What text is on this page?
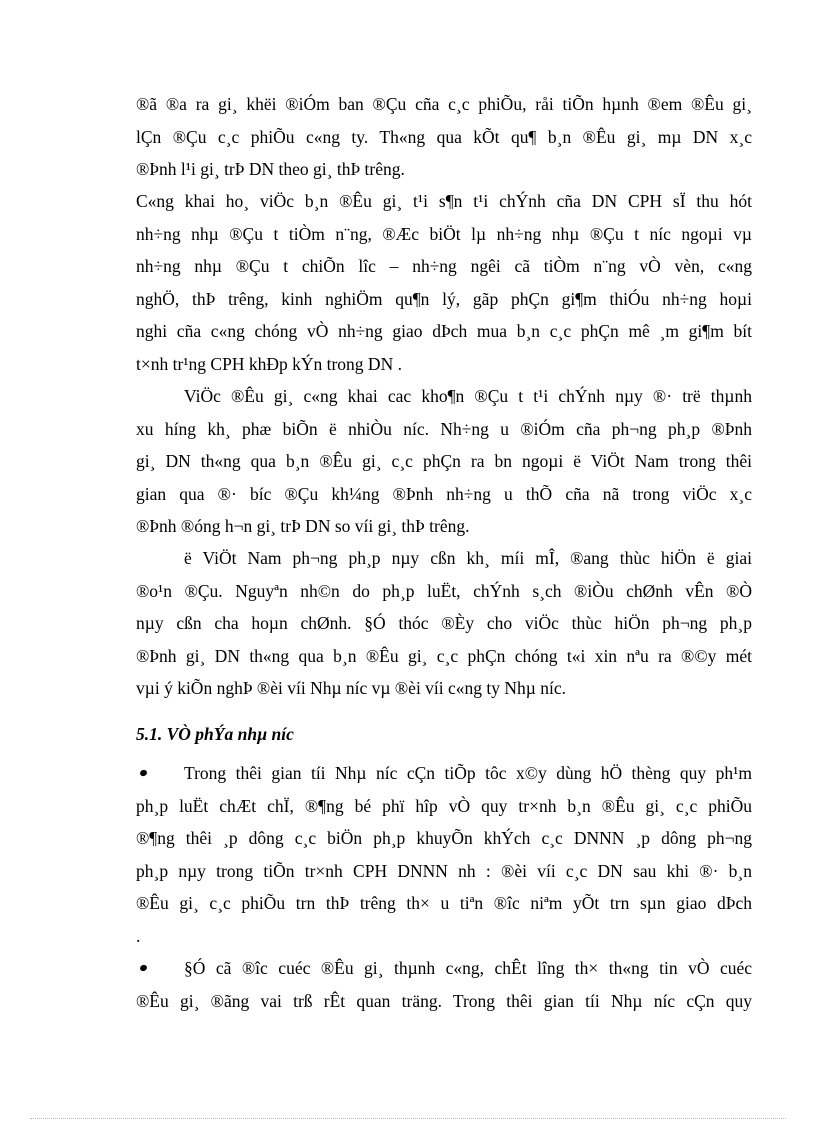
®ã ®a ra gi¸ khëi ®iÓm ban ®Çu cña c¸c phiÕu, råi tiÕn hµnh ®em ®Êu gi¸
lÇn ®Çu c¸c phiÕu c«ng ty. Th«ng qua kÕt qu¶ b¸n ®Êu gi¸ mµ DN x¸c
®Þnh l¹i gi¸ trÞ DN theo gi¸ thÞ trêng.

C«ng khai ho¸ viÖc b¸n ®Êu gi¸ t¹i s¶n t¹i chÝnh cña DN CPH sÏ thu hót
nh÷ng nhµ ®Çu t tiÒm n¨ng, ®Æc biÖt lµ nh÷ng nhµ ®Çu t níc ngoµi vµ
nh÷ng nhµ ®Çu t chiÕn lîc – nh÷ng ngêi cã tiÒm n¨ng vÒ vèn, c«ng
nghÖ, thÞ trêng, kinh nghiÖm qu¶n lý, gãp phÇn gi¶m thiÓu nh÷ng hoµi
nghi cña c«ng chóng vÒ nh÷ng giao dÞch mua b¸n c¸c phÇn mê ¸m gi¶m bít
t×nh tr¹ng CPH khÐp kÝn trong DN .

ViÖc ®Êu gi¸ c«ng khai cac kho¶n ®Çu t t¹i chÝnh nµy ®· trë thµnh
xu híng kh¸ phæ biÕn ë nhiÒu níc. Nh÷ng u ®iÓm cña ph¬ng ph¸p ®Þnh
gi¸ DN th«ng qua b¸n ®Êu gi¸ c¸c phÇn ra bn ngoµi ë ViÖt Nam trong thêi
gian qua ®· bíc ®Çu kh¼ng ®Þnh nh÷ng u thÕ cña nã trong viÖc x¸c
®Þnh ®óng h¬n gi¸ trÞ DN so víi gi¸ thÞ trêng.

ë ViÖt Nam ph¬ng ph¸p nµy cßn kh¸ míi mÎ, ®ang thùc hiÖn ë giai
®o¹n ®Çu. Nguyªn nh©n do ph¸p luËt, chÝnh s¸ch ®iÒu chØnh vÊn ®Ò
nµy cßn cha hoµn chØnh. §Ó thóc ®Èy cho viÖc thùc hiÖn ph¬ng ph¸p
®Þnh gi¸ DN th«ng qua b¸n ®Êu gi¸ c¸c phÇn chóng t«i xin nªu ra ®©y mét
vµi ý kiÕn nghÞ ®èi víi Nhµ níc vµ ®èi víi c«ng ty Nhµ níc.

5.1. VÒ phÝa nhµ níc
Trong thêi gian tíi Nhµ níc cÇn tiÕp tôc x©y dùng hÖ thèng quy ph¹m
ph¸p luËt chÆt chÏ, ®¶ng bé phï hîp vÒ quy tr×nh b¸n ®Êu gi¸ c¸c phiÕu
®¶ng thêi ¸p dông c¸c biÖn ph¸p khuyÕn khÝch c¸c DNNN ¸p dông ph¬ng
ph¸p nµy trong tiÕn tr×nh CPH DNNN nh : ®èi víi c¸c DN sau khi ®· b¸n
®Êu gi¸ c¸c phiÕu trn thÞ trêng th× u tiªn ®îc niªm yÕt trn sµn giao dÞch
.
§Ó cã ®îc cuéc ®Êu gi¸ thµnh c«ng, chÊt lîng th× th«ng tin vÒ cuéc
®Êu gi¸ ®ãng vai trß rÊt quan träng. Trong thêi gian tíi Nhµ níc cÇn quy
